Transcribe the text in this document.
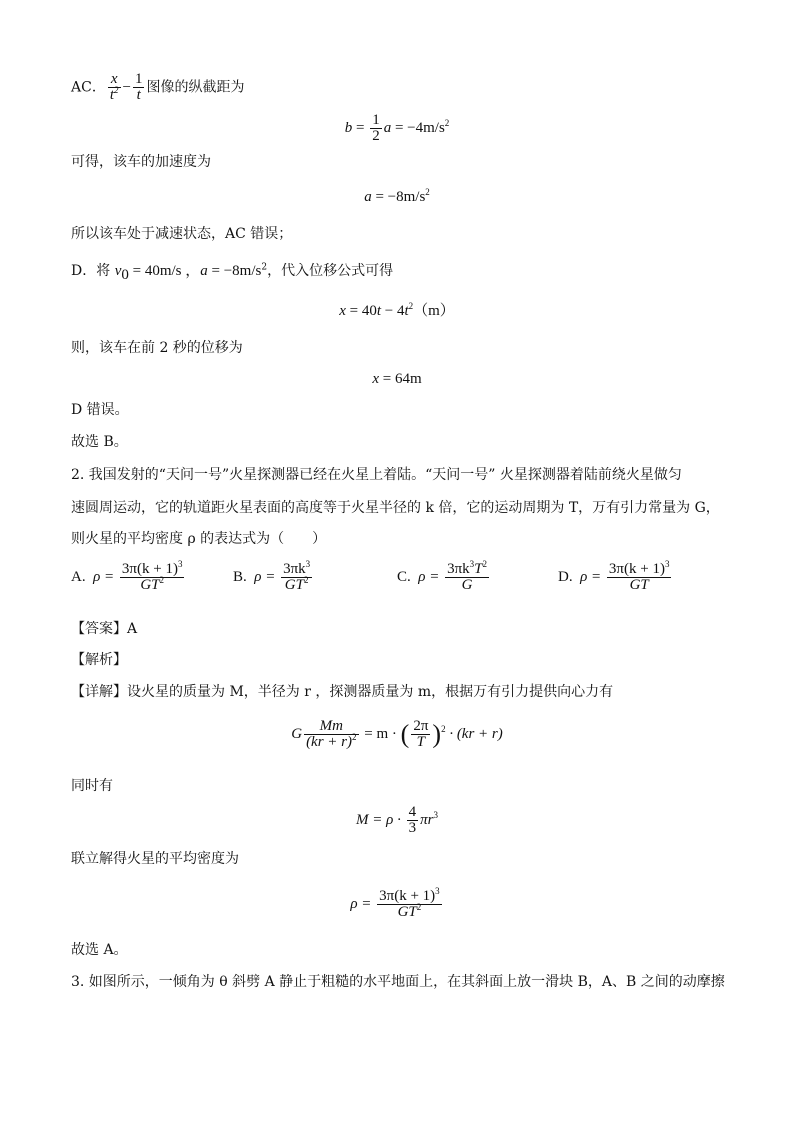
AC． $\frac{x}{t^2} - \frac{1}{t}$ 图像的纵截距为
$b = \frac{1}{2}$ $a = -4m/s^2$
可得，该车的加速度为
$a = -8m/s^2$
所以该车处于减速状态，AC 错误；
D．将 $v_0 = 40m/s$ ，$a = -8m/s^2$，代入位移公式可得
$x = 40t - 4t^2(m)$
则，该车在前 2 秒的位移为
x = 64m
D 错误。
故选 B。
2. 我国发射的“天问一号”火星探测器已经在火星上着陆。“天问一号” 火星探测器着陆前绕火星做匀
速圆周运动，它的轨道距火星表面的高度等于火星半径的 k 倍，它的运动周期为 T，万有引力常量为 G，
则火星的平均密度 ρ 的表达式为（　　）
A. $\rho = \frac{3\pi(k + 1)^3}{GT^2}$	B. $\rho = \frac{3\pi k^3}{GT^2}$	C. $\rho = \frac{3\pi k^3T^2}{G}$	D. $\rho = \frac{3\pi(k + 1)^3}{GT}$
【答案】A
【解析】
【详解】设火星的质量为 M，半径为 r ，探测器质量为 m，根据万有引力提供向心力有
G $\frac{Mm}{(kr + r)^2} = m$ · ( $\frac{2\pi}{T} )^2 \cdot (kr + r)$
同时有
$M = \rho \cdot \frac{4}{3} \pi r^3$
联立解得火星的平均密度为
$\rho = \frac{3\pi(k + 1)^3}{GT^2}$
故选 A。
3. 如图所示，一倾角为 θ 斜劈 A 静止于粗糙的水平地面上，在其斜面上放一滑块 B，A、B 之间的动摩擦
